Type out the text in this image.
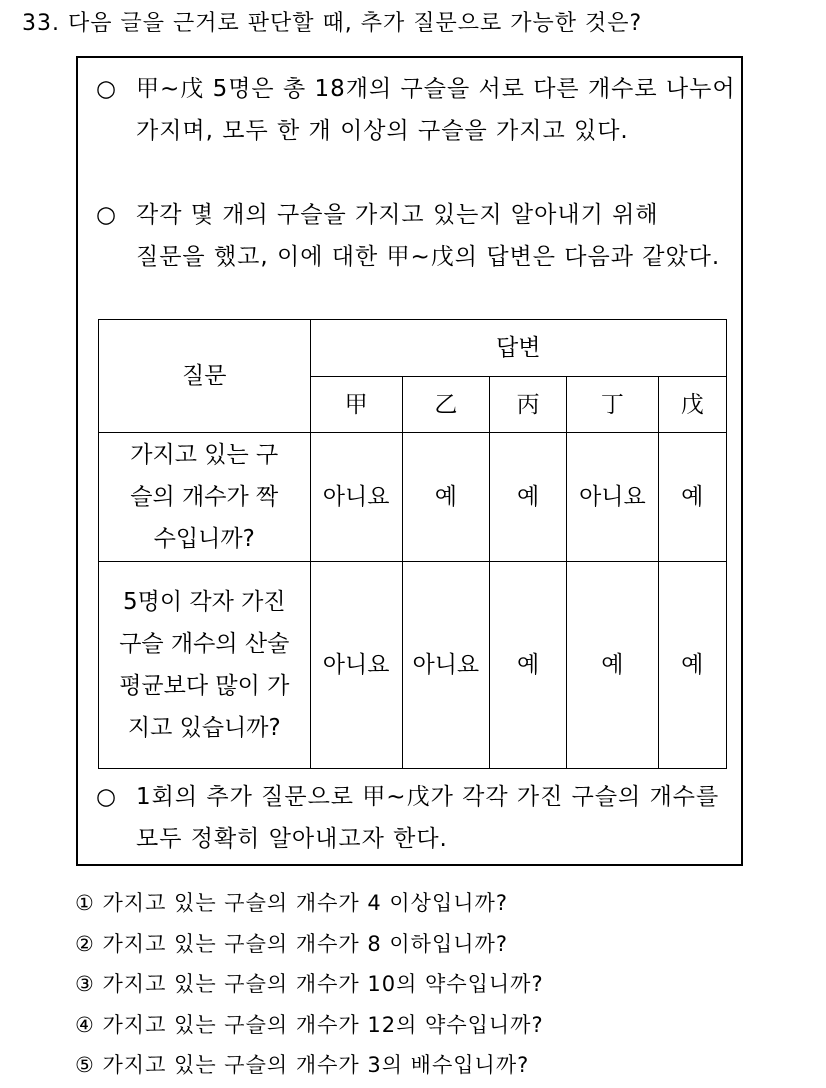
33. 다음 글을 근거로 판단할 때, 추가 질문으로 가능한 것은?
○ 甲~戊 5명은 총 18개의 구슬을 서로 다른 개수로 나누어 가지며, 모두 한 개 이상의 구슬을 가지고 있다.
○ 각각 몇 개의 구슬을 가지고 있는지 알아내기 위해 질문을 했고, 이에 대한 甲~戊의 답변은 다음과 같았다.
질문	답변				
	甲	乙	丙	丁	戊
가지고 있는 구슬의 개수가 짝수입니까?	아니요	예	예	아니요	예
5명이 각자 가진 구슬 개수의 산술평균보다 많이 가지고 있습니까?	아니요	아니요	예	예	예
○ 1회의 추가 질문으로 甲~戊가 각각 가진 구슬의 개수를 모두 정확히 알아내고자 한다.
① 가지고 있는 구슬의 개수가 4 이상입니까?
② 가지고 있는 구슬의 개수가 8 이하입니까?
③ 가지고 있는 구슬의 개수가 10의 약수입니까?
④ 가지고 있는 구슬의 개수가 12의 약수입니까?
⑤ 가지고 있는 구슬의 개수가 3의 배수입니까?
